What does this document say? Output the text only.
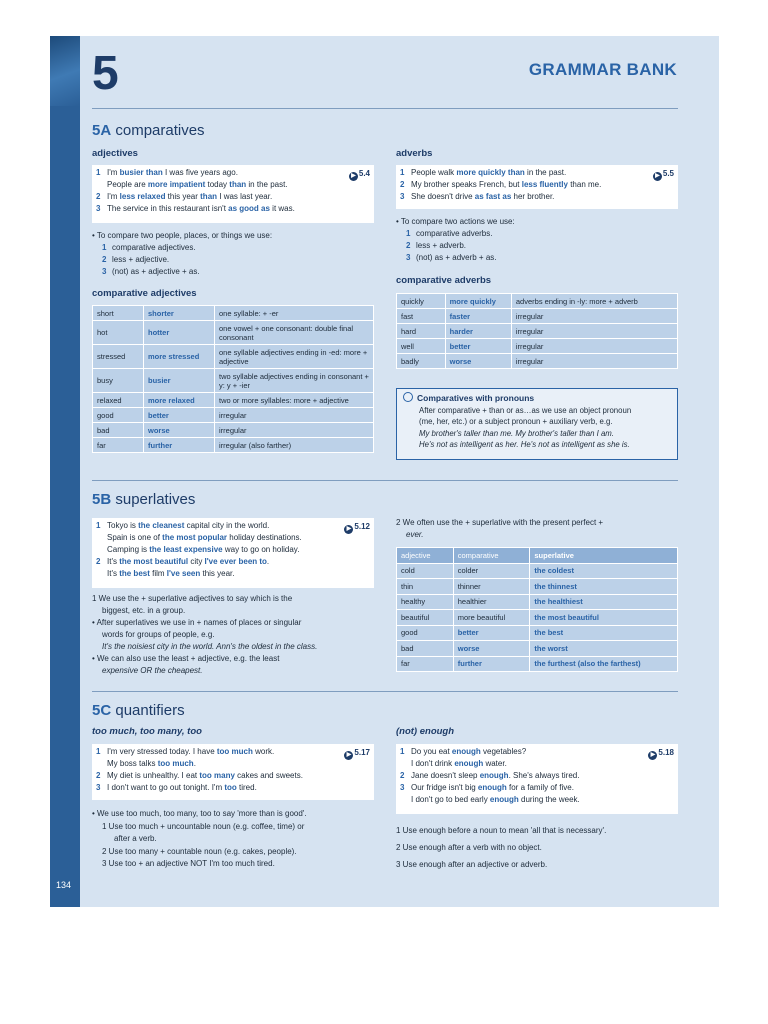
134
5	GRAMMAR BANK
5A comparatives
adjectives
▶ 5.4
1 I'm busier than I was five years ago.
People are more impatient today than in the past.
2 I'm less relaxed this year than I was last year.
3 The service in this restaurant isn't as good as it was.
• To compare two people, places, or things we use:
1 comparative adjectives.
2 less + adjective.
3 (not) as + adjective + as.
comparative adjectives
short	shorter	one syllable: + -er
hot	hotter	one vowel + one consonant: double final consonant
stressed	more stressed	one syllable adjectives ending in -ed: more + adjective
busy	busier	two syllable adjectives ending in consonant + y: y + -ier
relaxed	more relaxed	two or more syllables: more + adjective
good	better	irregular
bad	worse	irregular
far	further	irregular (also farther)
adverbs
▶ 5.5
1 People walk more quickly than in the past.
2 My brother speaks French, but less fluently than me.
3 She doesn't drive as fast as her brother.
• To compare two actions we use:
1 comparative adverbs.
2 less + adverb.
3 (not) as + adverb + as.
comparative adverbs
quickly	more quickly	adverbs ending in -ly: more + adverb
fast	faster	irregular
hard	harder	irregular
well	better	irregular
badly	worse	irregular
Comparatives with pronouns
After comparative + than or as…as we use an object pronoun
(me, her, etc.) or a subject pronoun + auxiliary verb, e.g.
My brother's taller than me. My brother's taller than I am.
He's not as intelligent as her. He's not as intelligent as she is.
5B superlatives
▶ 5.12
1 Tokyo is the cleanest capital city in the world.
Spain is one of the most popular holiday destinations.
Camping is the least expensive way to go on holiday.
2 It's the most beautiful city I've ever been to.
It's the best film I've seen this year.
1 We use the + superlative adjectives to say which is the
biggest, etc. in a group.
• After superlatives we use in + names of places or singular
words for groups of people, e.g.
It's the noisiest city in the world. Ann's the oldest in the class.
• We can also use the least + adjective, e.g. the least
expensive OR the cheapest.
2 We often use the + superlative with the present perfect +
ever.
adjective	comparative	superlative
cold	colder	the coldest
thin	thinner	the thinnest
healthy	healthier	the healthiest
beautiful	more beautiful	the most beautiful
good	better	the best
bad	worse	the worst
far	further	the furthest (also the farthest)
5C quantifiers
too much, too many, too
▶ 5.17
1 I'm very stressed today. I have too much work.
My boss talks too much.
2 My diet is unhealthy. I eat too many cakes and sweets.
3 I don't want to go out tonight. I'm too tired.
• We use too much, too many, too to say 'more than is good'.
1 Use too much + uncountable noun (e.g. coffee, time) or
after a verb.
2 Use too many + countable noun (e.g. cakes, people).
3 Use too + an adjective NOT I'm too much tired.
(not) enough
▶ 5.18
1 Do you eat enough vegetables?
I don't drink enough water.
2 Jane doesn't sleep enough. She's always tired.
3 Our fridge isn't big enough for a family of five.
I don't go to bed early enough during the week.
1 Use enough before a noun to mean 'all that is necessary'.
2 Use enough after a verb with no object.
3 Use enough after an adjective or adverb.
